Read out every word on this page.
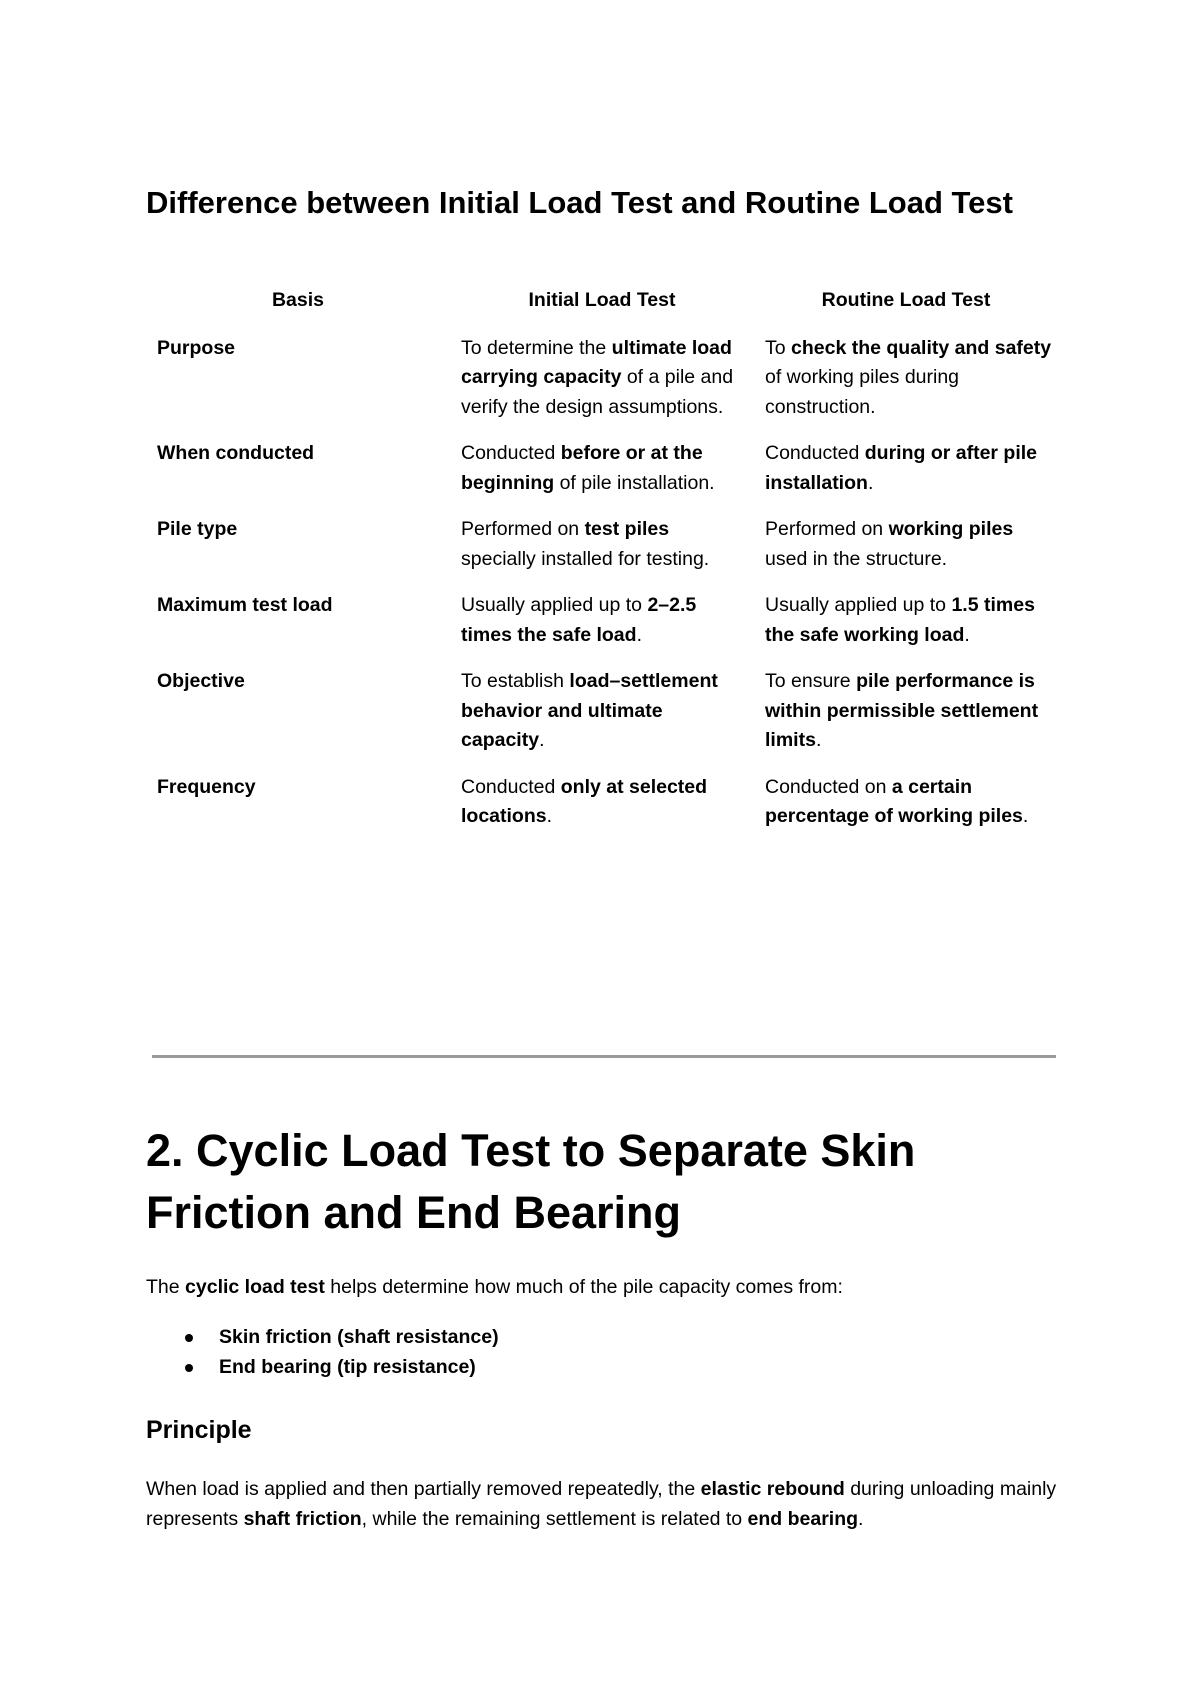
Difference between Initial Load Test and Routine Load Test
Basis	Initial Load Test	Routine Load Test
Purpose	To determine the ultimate load carrying capacity of a pile and verify the design assumptions.	To check the quality and safety of working piles during construction.
When conducted	Conducted before or at the beginning of pile installation.	Conducted during or after pile installation.
Pile type	Performed on test piles specially installed for testing.	Performed on working piles used in the structure.
Maximum test load	Usually applied up to 2–2.5 times the safe load.	Usually applied up to 1.5 times the safe working load.
Objective	To establish load–settlement behavior and ultimate capacity.	To ensure pile performance is within permissible settlement limits.
Frequency	Conducted only at selected locations.	Conducted on a certain percentage of working piles.
2. Cyclic Load Test to Separate Skin Friction and End Bearing

The cyclic load test helps determine how much of the pile capacity comes from:

Skin friction (shaft resistance)
End bearing (tip resistance)
Principle

When load is applied and then partially removed repeatedly, the elastic rebound during unloading mainly represents shaft friction, while the remaining settlement is related to end bearing.
